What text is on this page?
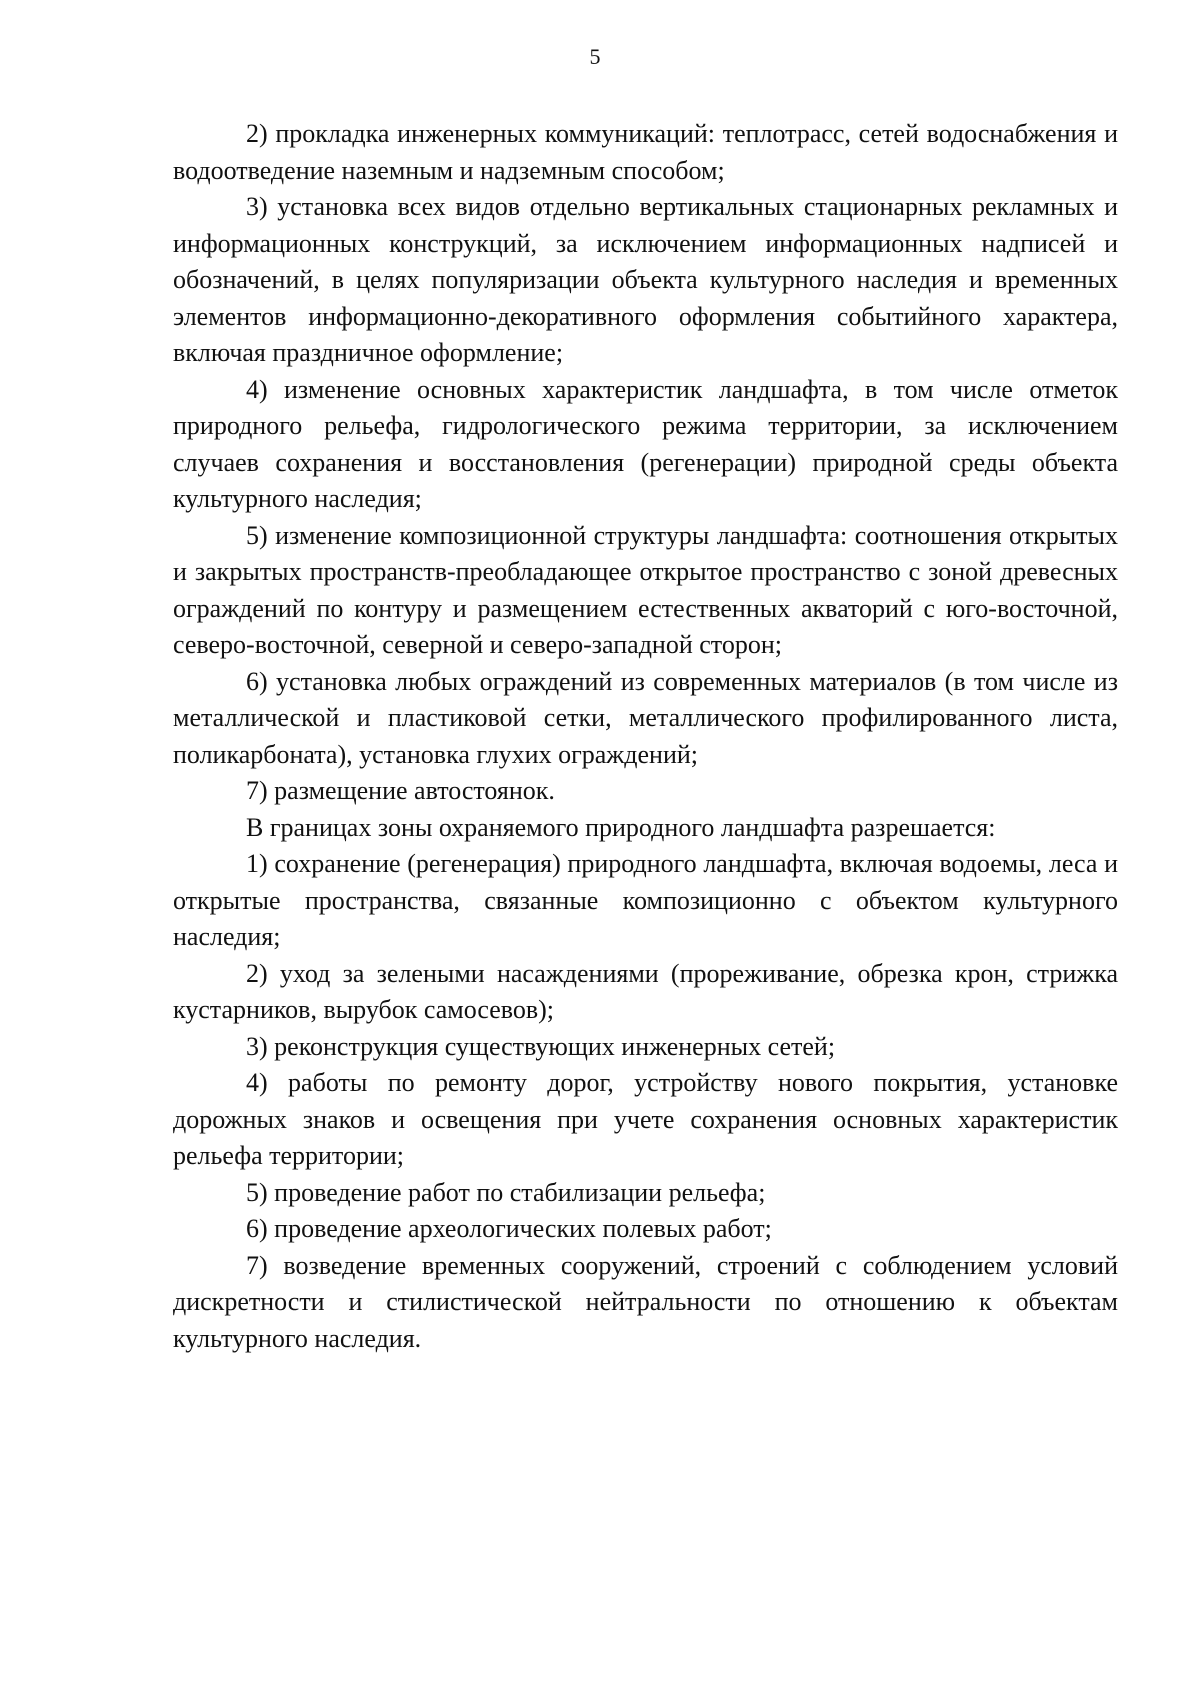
5

2) прокладка инженерных коммуникаций: теплотрасс, сетей водоснабжения и водоотведение наземным и надземным способом;

3) установка всех видов отдельно вертикальных стационарных рекламных и информационных конструкций, за исключением информационных надписей и обозначений, в целях популяризации объекта культурного наследия и временных элементов информационно-декоративного оформления событийного характера, включая праздничное оформление;

4) изменение основных характеристик ландшафта, в том числе отметок природного рельефа, гидрологического режима территории, за исключением случаев сохранения и восстановления (регенерации) природной среды объекта культурного наследия;

5) изменение композиционной структуры ландшафта: соотношения открытых и закрытых пространств-преобладающее открытое пространство с зоной древесных ограждений по контуру и размещением естественных акваторий с юго-восточной, северо-восточной, северной и северо-западной сторон;

6) установка любых ограждений из современных материалов (в том числе из металлической и пластиковой сетки, металлического профилированного листа, поликарбоната), установка глухих ограждений;

7) размещение автостоянок.

В границах зоны охраняемого природного ландшафта разрешается:

1) сохранение (регенерация) природного ландшафта, включая водоемы, леса и открытые пространства, связанные композиционно с объектом культурного наследия;

2) уход за зелеными насаждениями (прореживание, обрезка крон, стрижка кустарников, вырубок самосевов);

3) реконструкция существующих инженерных сетей;

4) работы по ремонту дорог, устройству нового покрытия, установке дорожных знаков и освещения при учете сохранения основных характеристик рельефа территории;

5) проведение работ по стабилизации рельефа;

6) проведение археологических полевых работ;

7) возведение временных сооружений, строений с соблюдением условий дискретности и стилистической нейтральности по отношению к объектам культурного наследия.
